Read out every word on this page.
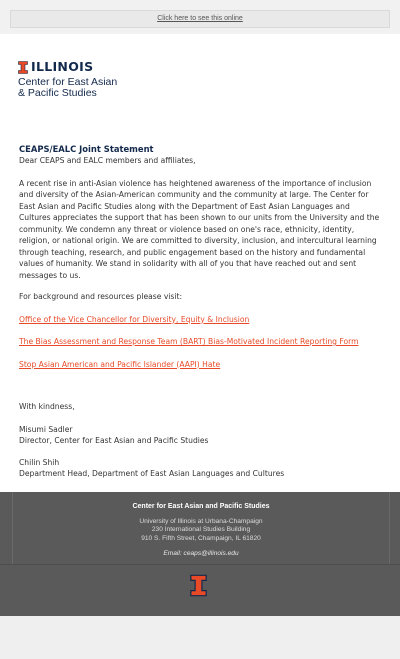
Click here to see this online
ILLINOIS
Center for East Asian
& Pacific Studies

CEAPS/EALC Joint Statement

Dear CEAPS and EALC members and affiliates,

A recent rise in anti-Asian violence has heightened awareness of the importance of inclusion and diversity of the Asian-American community and the community at large. The Center for East Asian and Pacific Studies along with the Department of East Asian Languages and Cultures appreciates the support that has been shown to our units from the University and the community. We condemn any threat or violence based on one's race, ethnicity, identity, religion, or national origin. We are committed to diversity, inclusion, and intercultural learning through teaching, research, and public engagement based on the history and fundamental values of humanity. We stand in solidarity with all of you that have reached out and sent messages to us.

For background and resources please visit:

Office of the Vice Chancellor for Diversity, Equity & Inclusion

The Bias Assessment and Response Team (BART) Bias-Motivated Incident Reporting Form

Stop Asian American and Pacific Islander (AAPI) Hate

With kindness,

Misumi Sadler

Director, Center for East Asian and Pacific Studies

Chilin Shih

Department Head, Department of East Asian Languages and Cultures

Center for East Asian and Pacific Studies
University of Illinois at Urbana-Champaign
230 International Studies Building
910 S. Fifth Street, Champaign, IL 61820
Email: ceaps@illinois.edu
